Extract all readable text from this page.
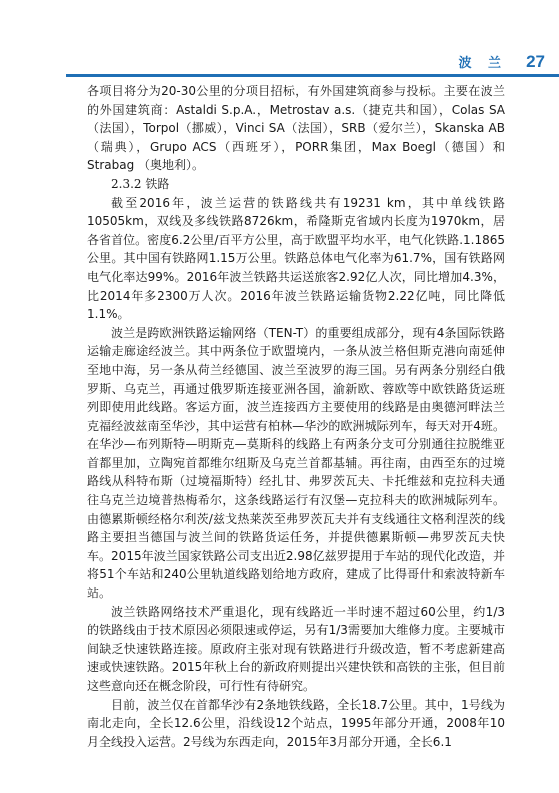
波 兰 27

各项目将分为20-30公里的分项目招标，有外国建筑商参与投标。主要在波兰的外国建筑商：Astaldi S.p.A.，Metrostav a.s.（捷克共和国），Colas SA（法国），Torpol（挪威），Vinci SA（法国），SRB（爱尔兰），Skanska AB（瑞典），Grupo ACS（西班牙），PORR集团，Max Boegl（德国）和Strabag （奥地利）。

2.3.2 铁路

截至2016年，波兰运营的铁路线共有19231 km，其中单线铁路10505km，双线及多线铁路8726km，希隆斯克省域内长度为1970km，居各省首位。密度6.2公里/百平方公里，高于欧盟平均水平，电气化铁路.1.1865公里。其中国有铁路网1.15万公里。铁路总体电气化率为61.7%，国有铁路网电气化率达99%。2016年波兰铁路共运送旅客2.92亿人次，同比增加4.3%，比2014年多2300万人次。2016年波兰铁路运输货物2.22亿吨，同比降低1.1%。

波兰是跨欧洲铁路运输网络（TEN-T）的重要组成部分，现有4条国际铁路运输走廊途经波兰。其中两条位于欧盟境内，一条从波兰格但斯克港向南延伸至地中海，另一条从荷兰经德国、波兰至波罗的海三国。另有两条分别经白俄罗斯、乌克兰，再通过俄罗斯连接亚洲各国，渝新欧、蓉欧等中欧铁路货运班列即使用此线路。客运方面，波兰连接西方主要使用的线路是由奥德河畔法兰克福经波兹南至华沙，其中运营有柏林—华沙的欧洲城际列车，每天对开4班。在华沙—布列斯特—明斯克—莫斯科的线路上有两条分支可分别通往拉脱维亚首都里加，立陶宛首都维尔纽斯及乌克兰首都基辅。再往南，由西至东的过境路线从科特布斯（过境福斯特）经扎甘、弗罗茨瓦夫、卡托维兹和克拉科夫通往乌克兰边境普热梅希尔，这条线路运行有汉堡—克拉科夫的欧洲城际列车。由德累斯顿经格尔利茨/兹戈热莱茨至弗罗茨瓦夫并有支线通往文格利涅茨的线路主要担当德国与波兰间的铁路货运任务，并提供德累斯顿—弗罗茨瓦夫快车。2015年波兰国家铁路公司支出近2.98亿兹罗提用于车站的现代化改造，并将51个车站和240公里轨道线路划给地方政府，建成了比得哥什和索波特新车站。

波兰铁路网络技术严重退化，现有线路近一半时速不超过60公里，约1/3的铁路线由于技术原因必须限速或停运，另有1/3需要加大维修力度。主要城市间缺乏快速铁路连接。原政府主张对现有铁路进行升级改造，暂不考虑新建高速或快速铁路。2015年秋上台的新政府则提出兴建快铁和高铁的主张，但目前这些意向还在概念阶段，可行性有待研究。

目前，波兰仅在首都华沙有2条地铁线路，全长18.7公里。其中，1号线为南北走向，全长12.6公里，沿线设12个站点，1995年部分开通，2008年10月全线投入运营。2号线为东西走向，2015年3月部分开通，全长6.1
